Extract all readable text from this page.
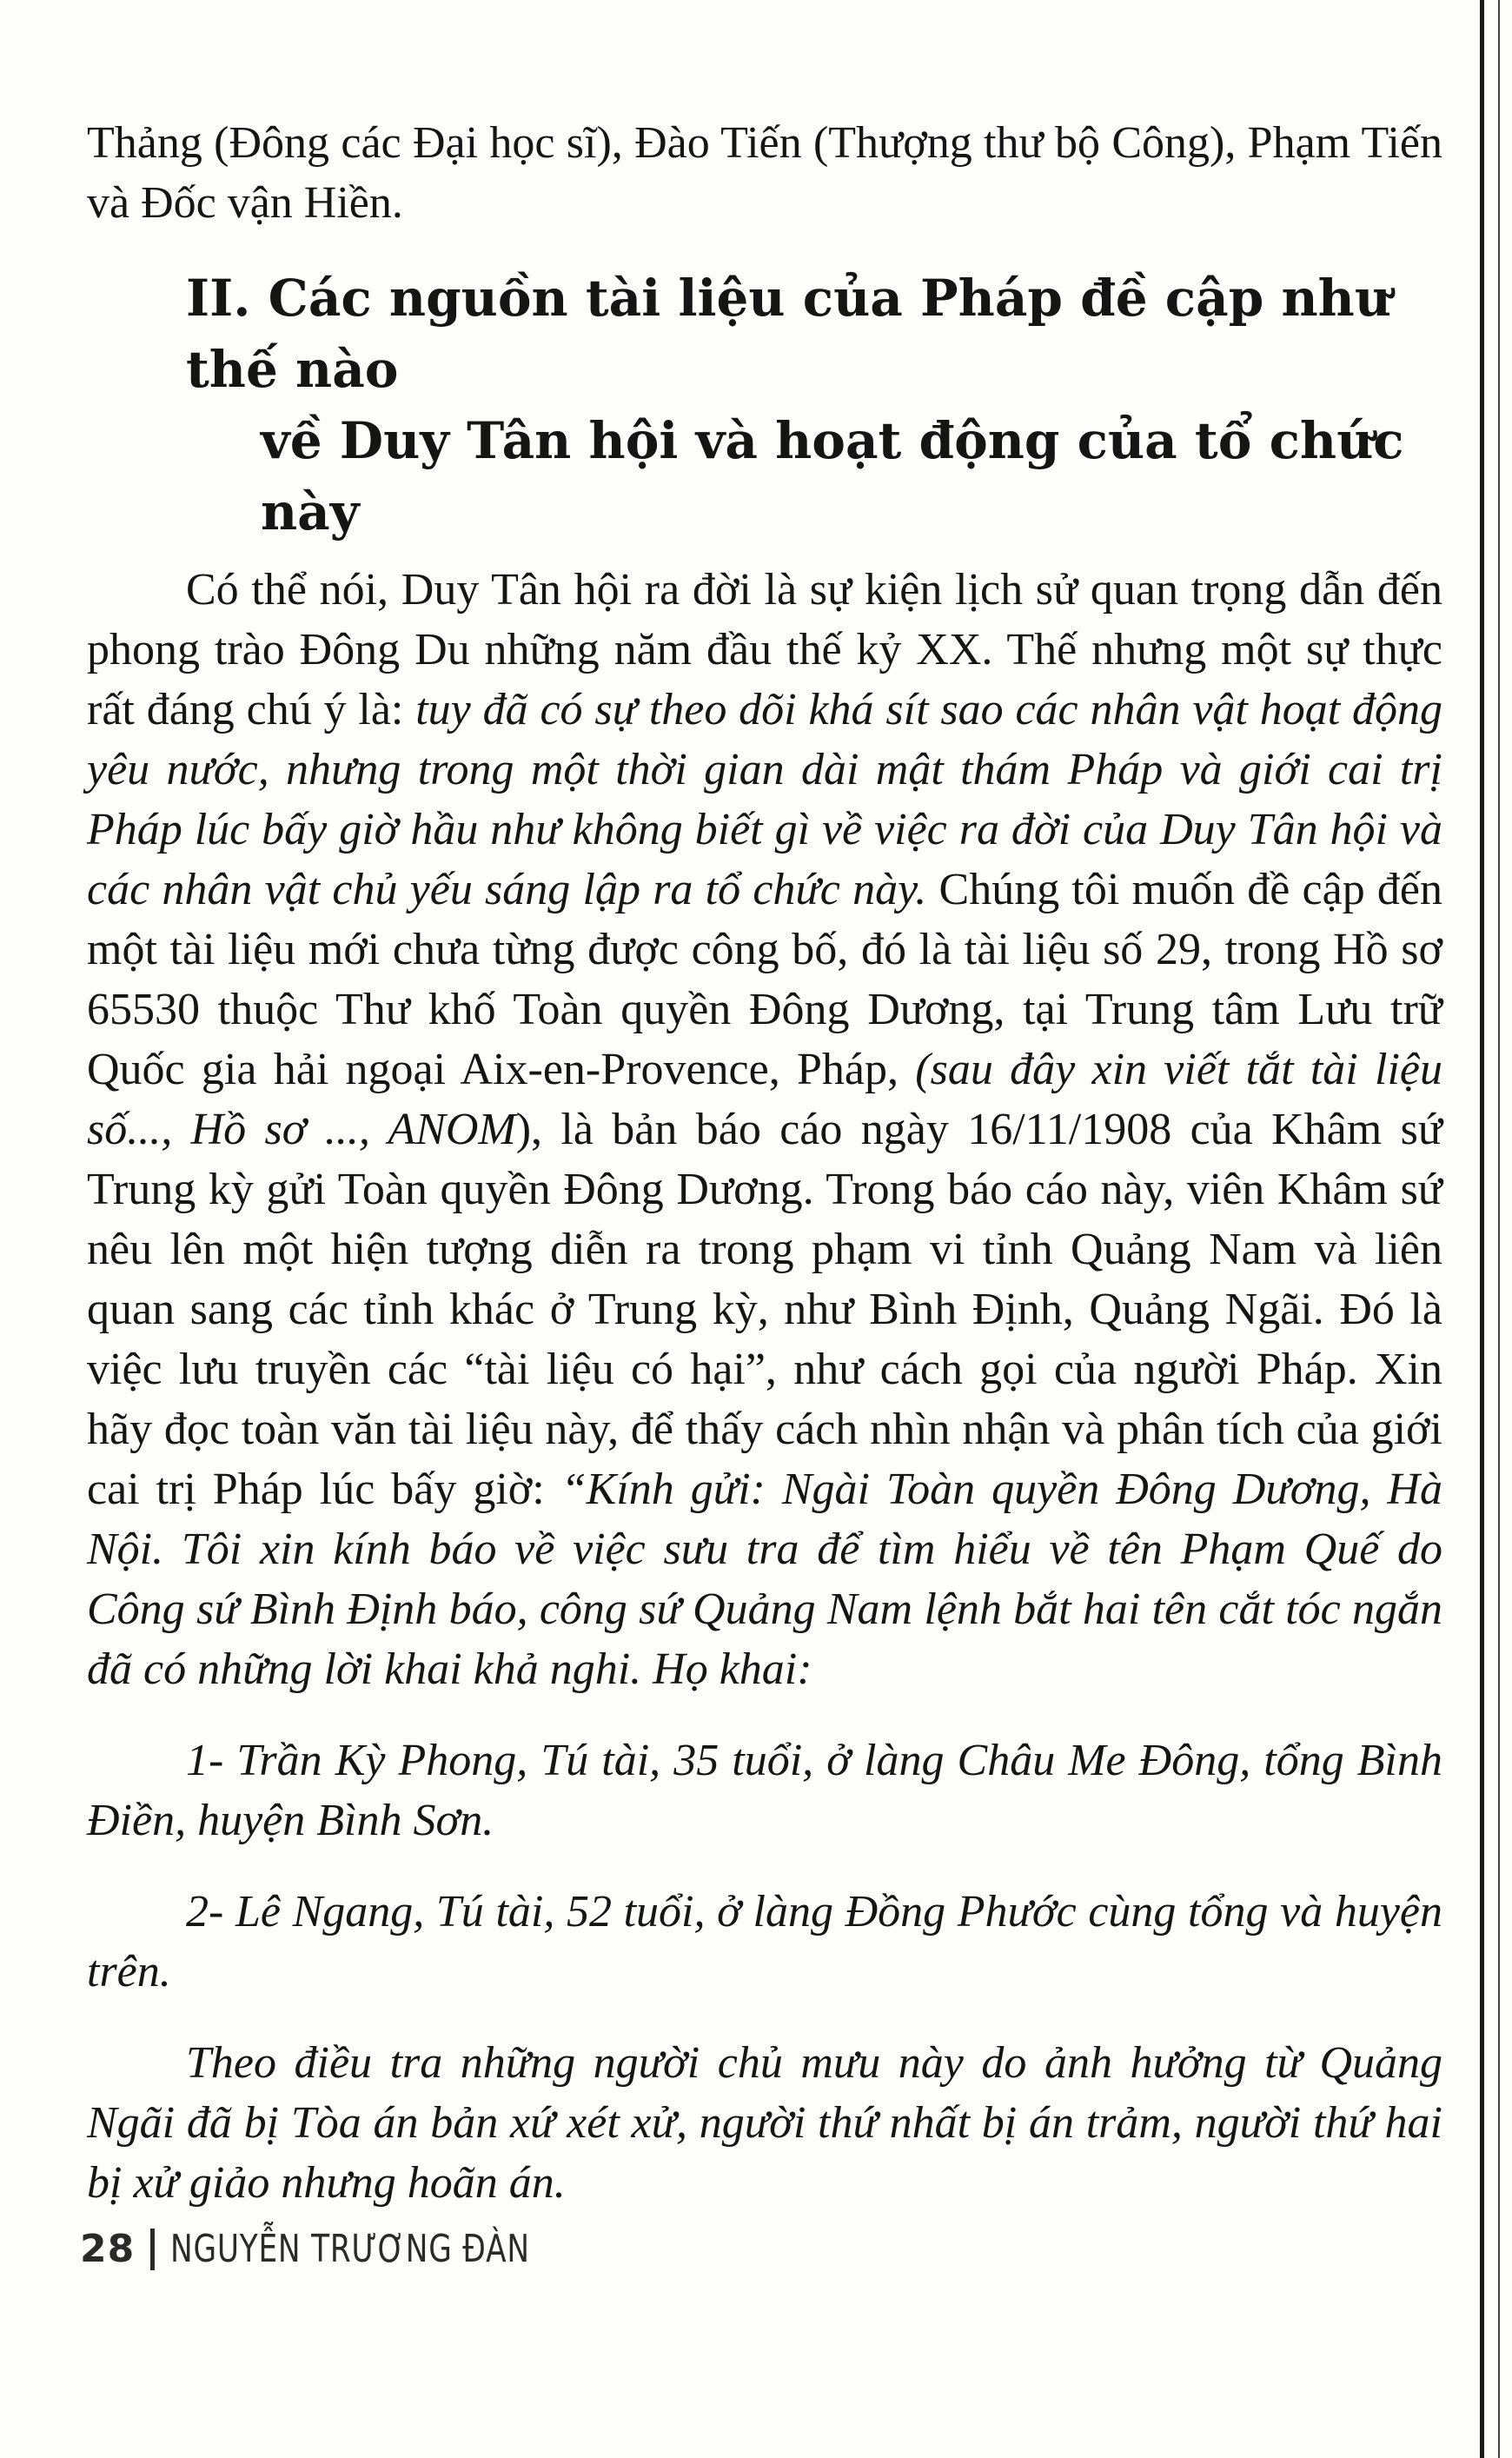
Thảng (Đông các Đại học sĩ), Đào Tiến (Thượng thư bộ Công), Phạm Tiến và Đốc vận Hiền.

II. Các nguồn tài liệu của Pháp đề cập như thế nào
về Duy Tân hội và hoạt động của tổ chức này

Có thể nói, Duy Tân hội ra đời là sự kiện lịch sử quan trọng dẫn đến phong trào Đông Du những năm đầu thế kỷ XX. Thế nhưng một sự thực rất đáng chú ý là: tuy đã có sự theo dõi khá sít sao các nhân vật hoạt động yêu nước, nhưng trong một thời gian dài mật thám Pháp và giới cai trị Pháp lúc bấy giờ hầu như không biết gì về việc ra đời của Duy Tân hội và các nhân vật chủ yếu sáng lập ra tổ chức này. Chúng tôi muốn đề cập đến một tài liệu mới chưa từng được công bố, đó là tài liệu số 29, trong Hồ sơ 65530 thuộc Thư khố Toàn quyền Đông Dương, tại Trung tâm Lưu trữ Quốc gia hải ngoại Aix-en-Provence, Pháp, (sau đây xin viết tắt tài liệu số..., Hồ sơ ..., ANOM), là bản báo cáo ngày 16/11/1908 của Khâm sứ Trung kỳ gửi Toàn quyền Đông Dương. Trong báo cáo này, viên Khâm sứ nêu lên một hiện tượng diễn ra trong phạm vi tỉnh Quảng Nam và liên quan sang các tỉnh khác ở Trung kỳ, như Bình Định, Quảng Ngãi. Đó là việc lưu truyền các “tài liệu có hại”, như cách gọi của người Pháp. Xin hãy đọc toàn văn tài liệu này, để thấy cách nhìn nhận và phân tích của giới cai trị Pháp lúc bấy giờ: “Kính gửi: Ngài Toàn quyền Đông Dương, Hà Nội. Tôi xin kính báo về việc sưu tra để tìm hiểu về tên Phạm Quế do Công sứ Bình Định báo, công sứ Quảng Nam lệnh bắt hai tên cắt tóc ngắn đã có những lời khai khả nghi. Họ khai:

1- Trần Kỳ Phong, Tú tài, 35 tuổi, ở làng Châu Me Đông, tổng Bình Điền, huyện Bình Sơn.

2- Lê Ngang, Tú tài, 52 tuổi, ở làng Đồng Phước cùng tổng và huyện trên.

Theo điều tra những người chủ mưu này do ảnh hưởng từ Quảng Ngãi đã bị Tòa án bản xứ xét xử, người thứ nhất bị án trảm, người thứ hai bị xử giảo nhưng hoãn án.

28 NGUYỄN TRƯƠNG ĐÀN
